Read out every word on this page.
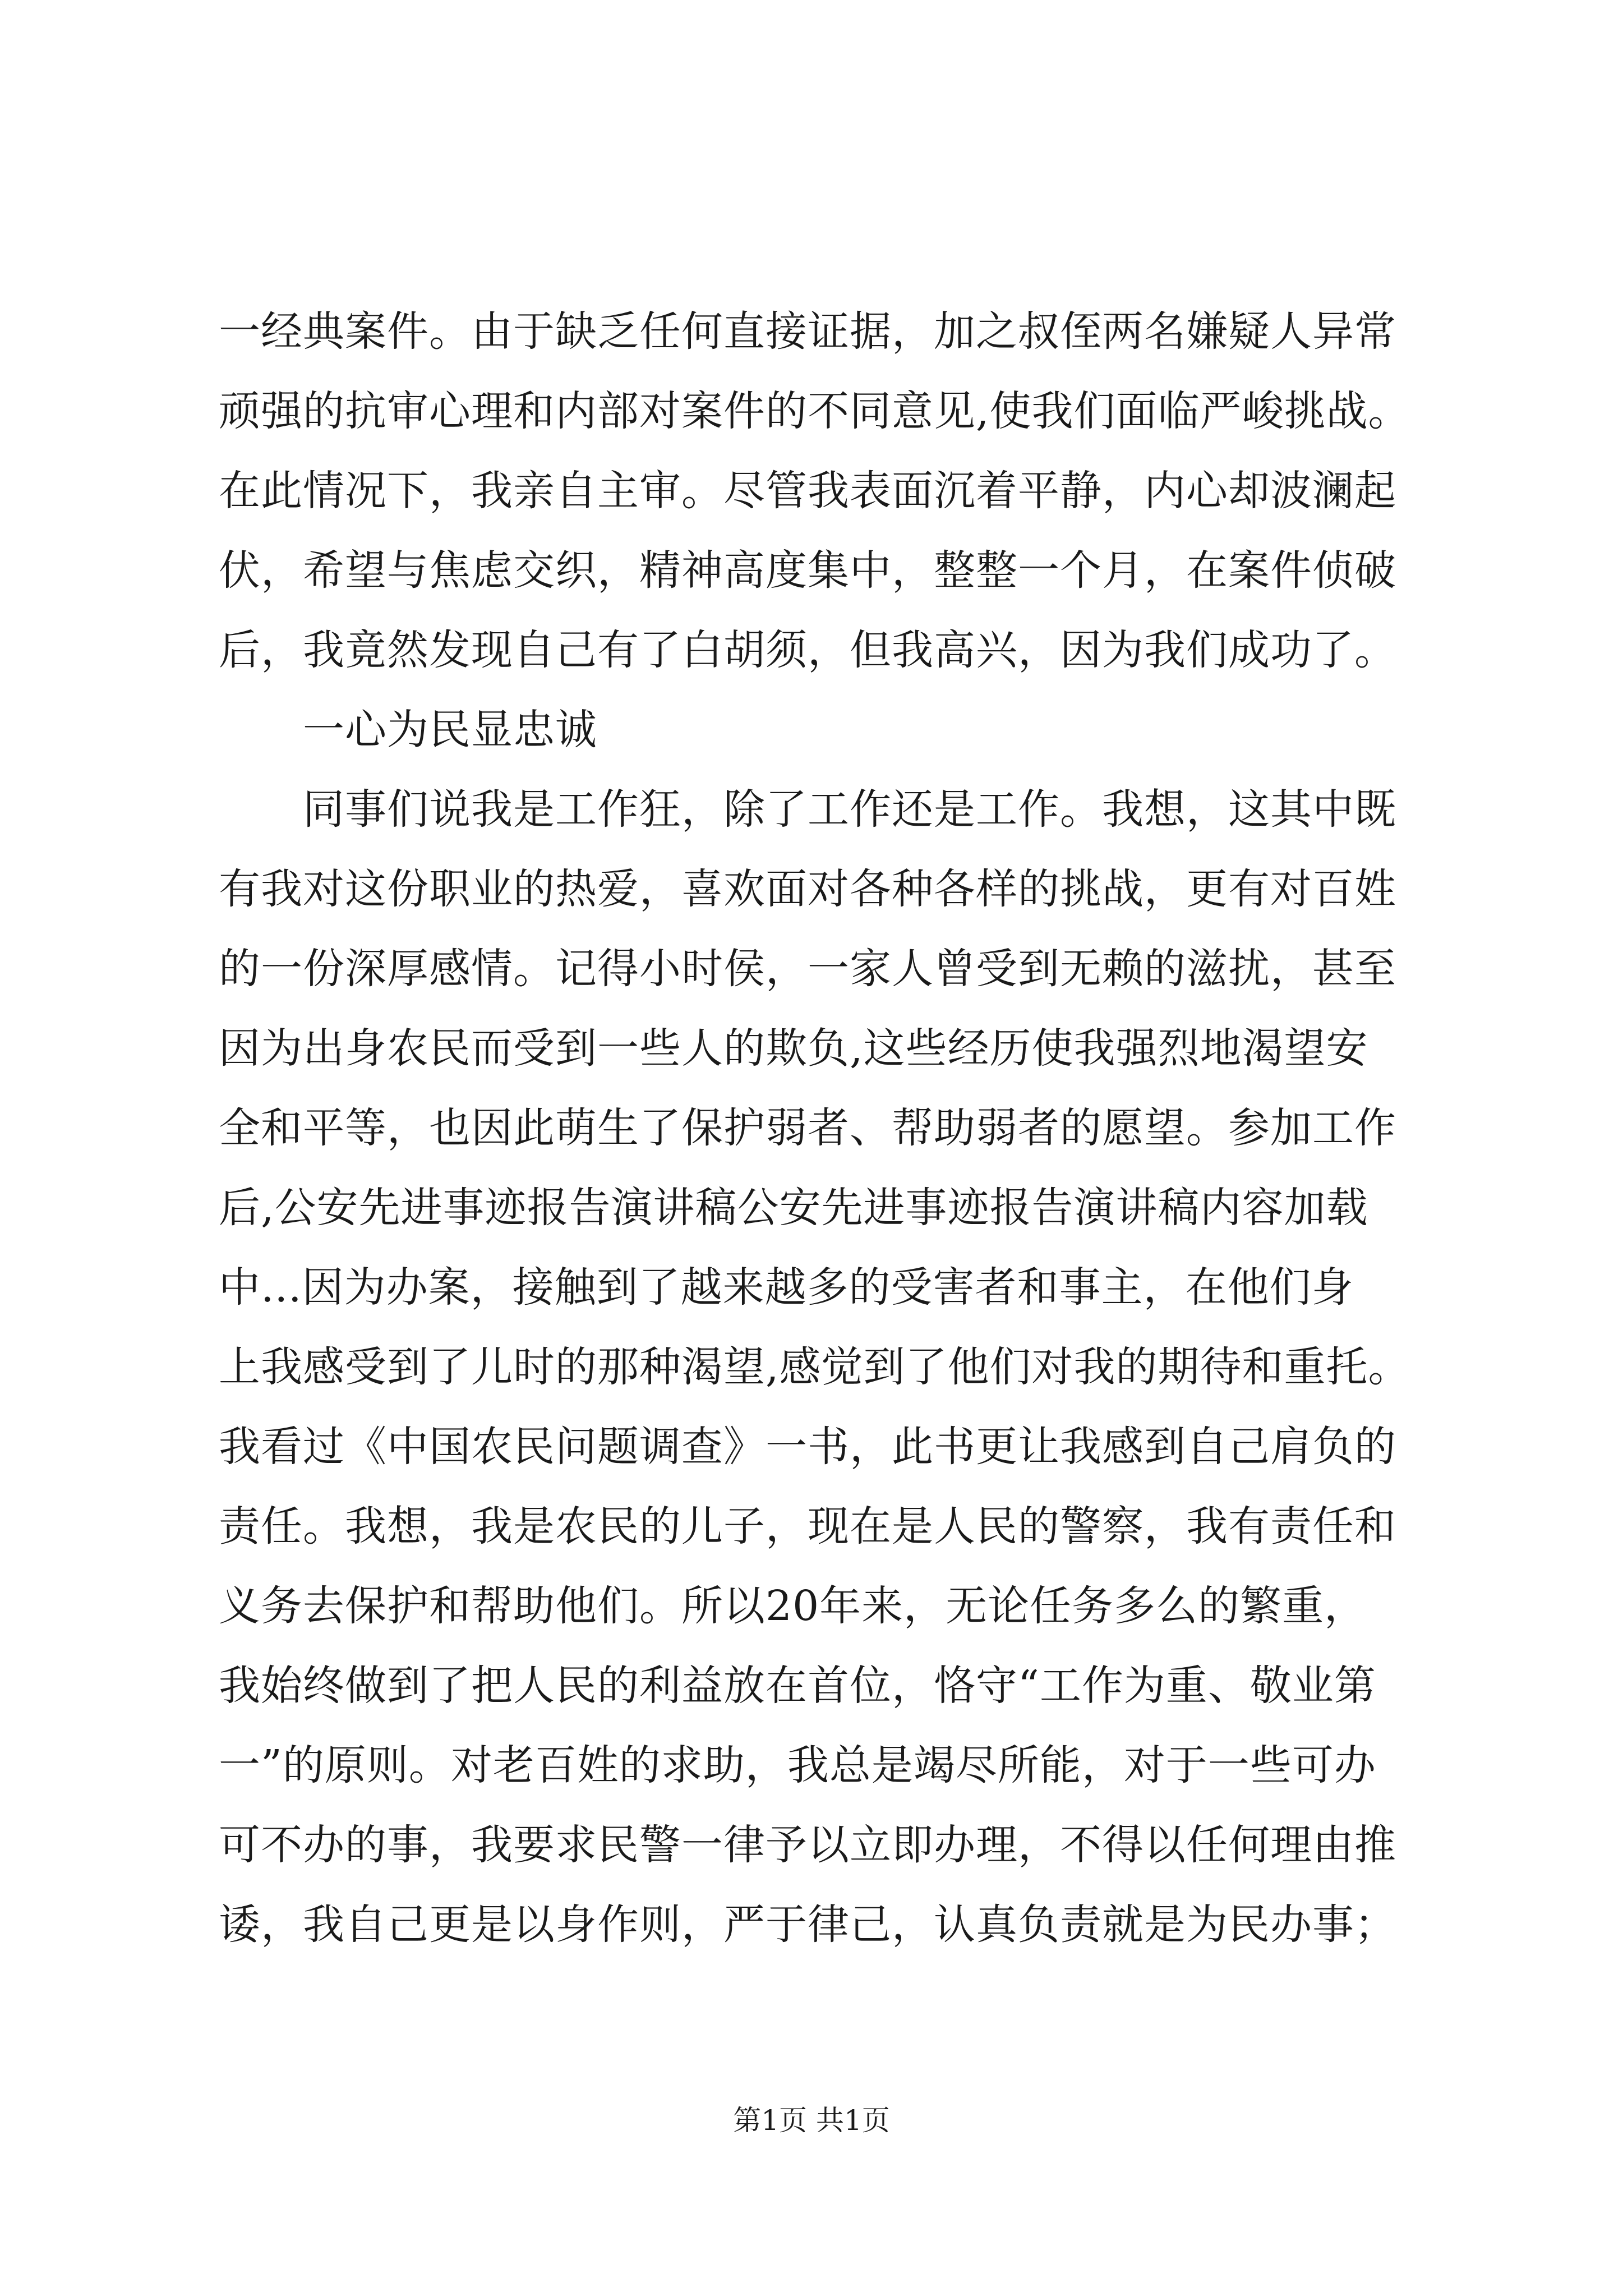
一经典案件。由于缺乏任何直接证据，加之叔侄两名嫌疑人异常
顽强的抗审心理和内部对案件的不同意见,使我们面临严峻挑战。
在此情况下，我亲自主审。尽管我表面沉着平静，内心却波澜起
伏，希望与焦虑交织，精神高度集中，整整一个月，在案件侦破
后，我竟然发现自己有了白胡须，但我高兴，因为我们成功了。
一心为民显忠诚
同事们说我是工作狂，除了工作还是工作。我想，这其中既
有我对这份职业的热爱，喜欢面对各种各样的挑战，更有对百姓
的一份深厚感情。记得小时侯，一家人曾受到无赖的滋扰，甚至
因为出身农民而受到一些人的欺负,这些经历使我强烈地渴望安
全和平等，也因此萌生了保护弱者、帮助弱者的愿望。参加工作
后,公安先进事迹报告演讲稿公安先进事迹报告演讲稿内容加载
中...因为办案，接触到了越来越多的受害者和事主，在他们身
上我感受到了儿时的那种渴望,感觉到了他们对我的期待和重托。
我看过《中国农民问题调查》一书，此书更让我感到自己肩负的
责任。我想，我是农民的儿子，现在是人民的警察，我有责任和
义务去保护和帮助他们。所以20年来，无论任务多么的繁重，
我始终做到了把人民的利益放在首位，恪守“工作为重、敬业第
一”的原则。对老百姓的求助，我总是竭尽所能，对于一些可办
可不办的事，我要求民警一律予以立即办理，不得以任何理由推
诿，我自己更是以身作则，严于律己，认真负责就是为民办事；
第1页 共1页
